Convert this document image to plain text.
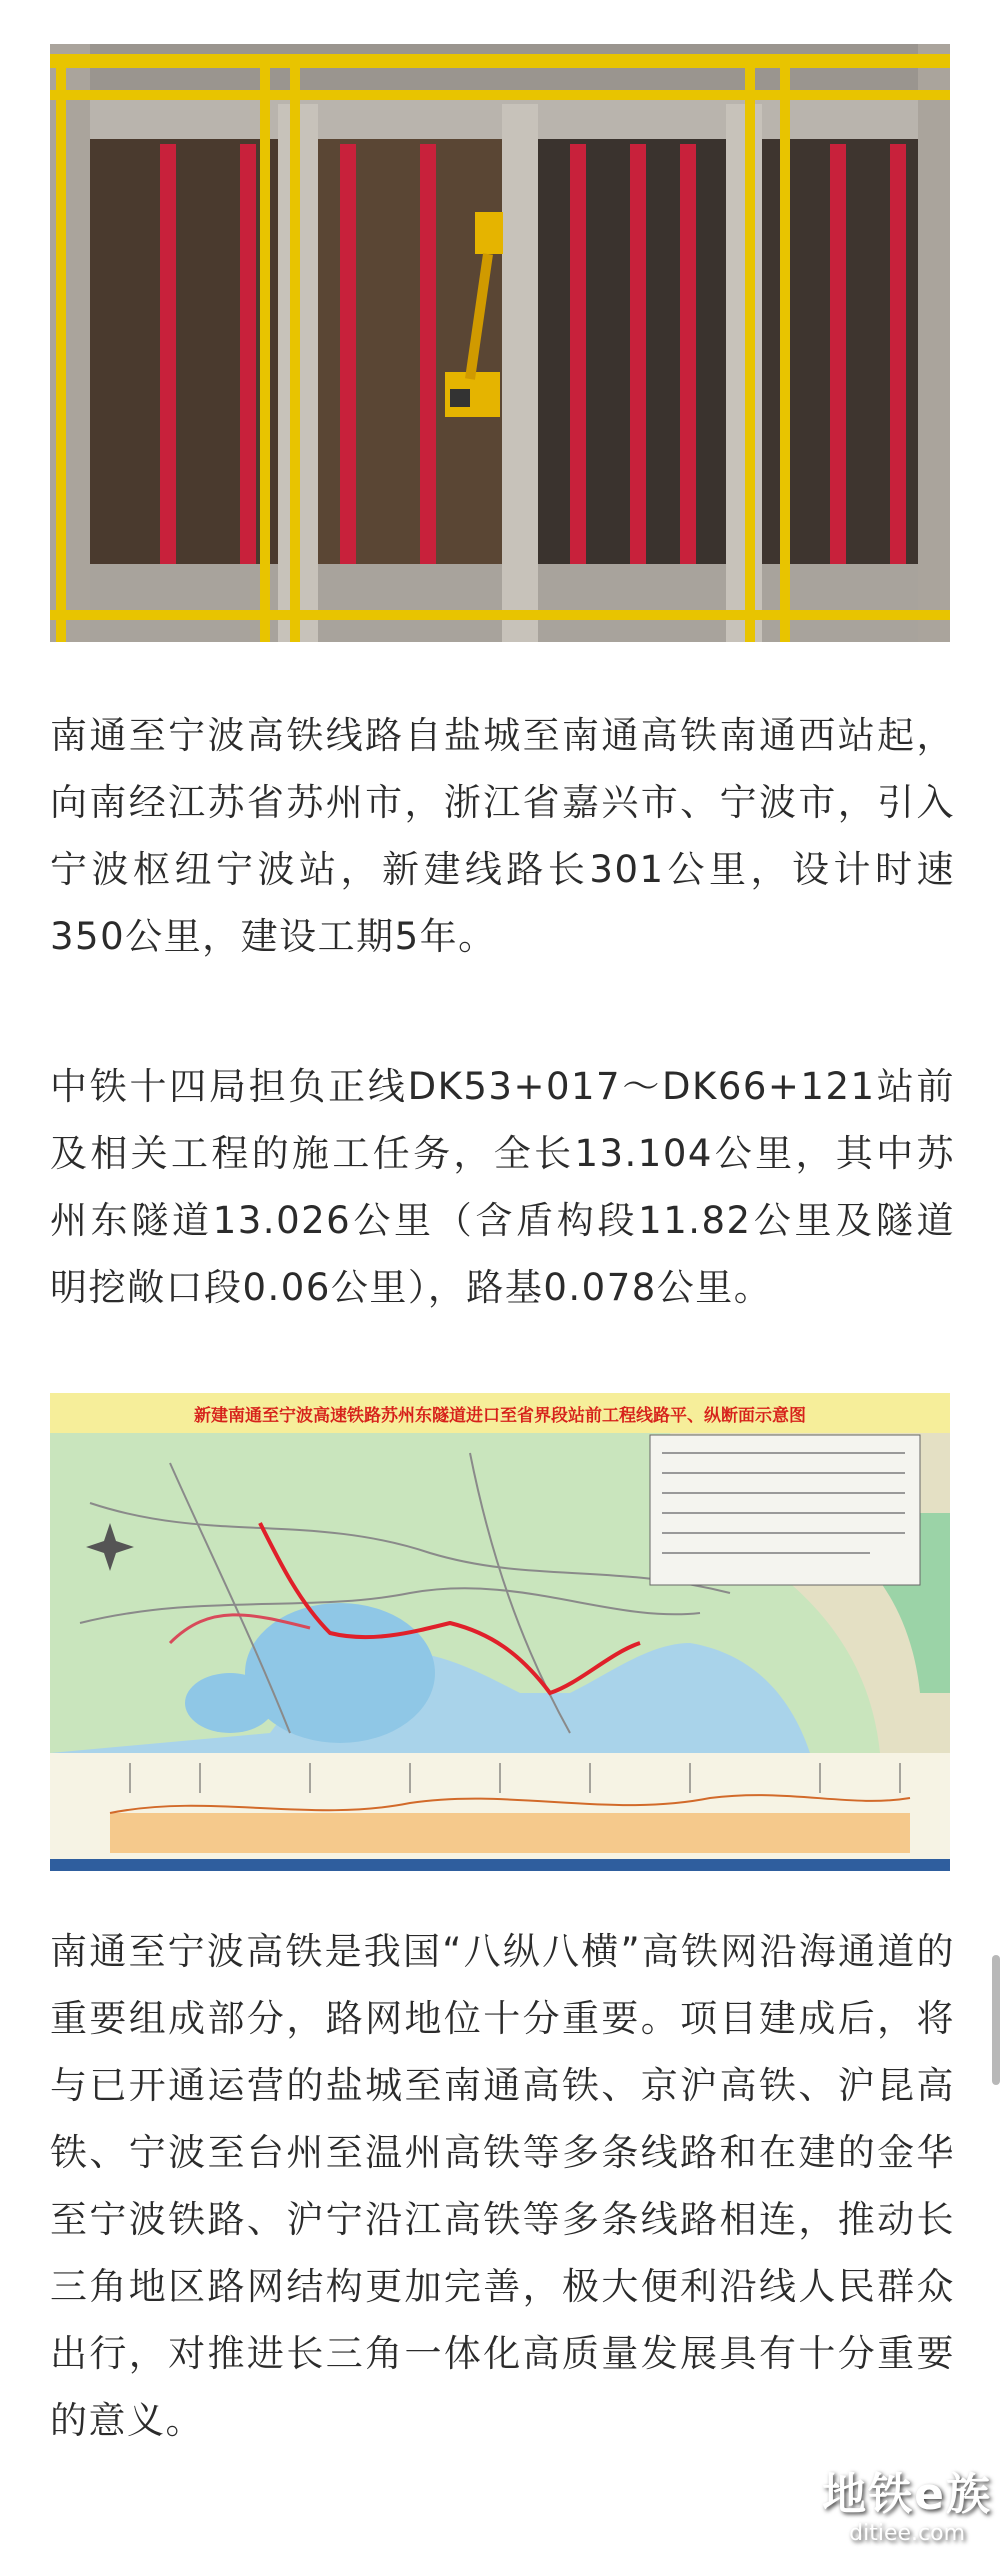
南通至宁波高铁线路自盐城至南通高铁南通西站起，向南经江苏省苏州市，浙江省嘉兴市、宁波市，引入宁波枢纽宁波站，新建线路长301公里，设计时速350公里，建设工期5年。

中铁十四局担负正线DK53+017～DK66+121站前及相关工程的施工任务，全长13.104公里，其中苏州东隧道13.026公里（含盾构段11.82公里及隧道明挖敞口段0.06公里），路基0.078公里。

新建南通至宁波高速铁路苏州东隧道进口至省界段站前工程线路平、纵断面示意图

南通至宁波高铁是我国“八纵八横”高铁网沿海通道的重要组成部分，路网地位十分重要。项目建成后，将与已开通运营的盐城至南通高铁、京沪高铁、沪昆高铁、宁波至台州至温州高铁等多条线路和在建的金华至宁波铁路、沪宁沿江高铁等多条线路相连，推动长三角地区路网结构更加完善，极大便利沿线人民群众出行，对推进长三角一体化高质量发展具有十分重要的意义。

地铁e族
ditiee.com
